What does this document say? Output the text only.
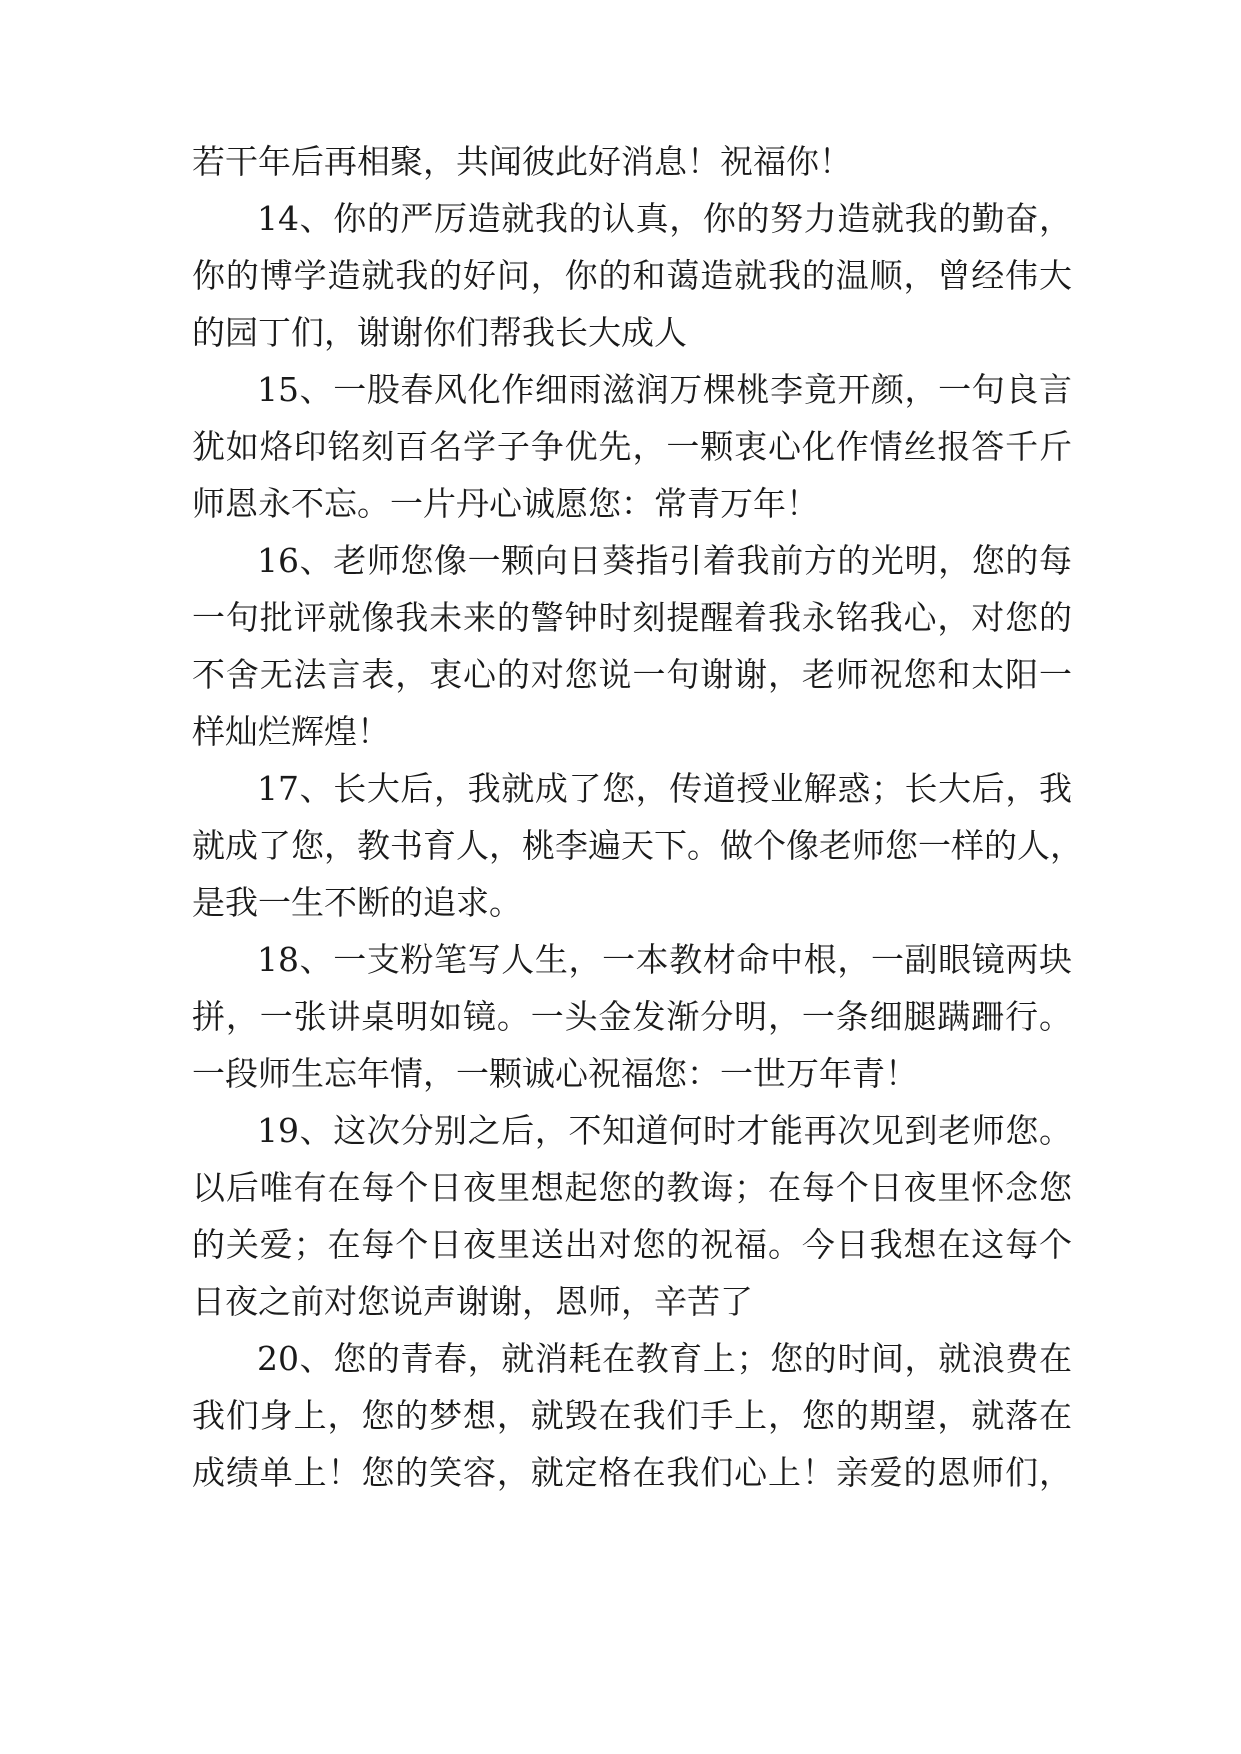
若干年后再相聚，共闻彼此好消息！祝福你！
14、你的严厉造就我的认真，你的努力造就我的勤奋，
你的博学造就我的好问，你的和蔼造就我的温顺，曾经伟大
的园丁们，谢谢你们帮我长大成人
15、一股春风化作细雨滋润万棵桃李竟开颜，一句良言
犹如烙印铭刻百名学子争优先，一颗衷心化作情丝报答千斤
师恩永不忘。一片丹心诚愿您：常青万年！
16、老师您像一颗向日葵指引着我前方的光明，您的每
一句批评就像我未来的警钟时刻提醒着我永铭我心，对您的
不舍无法言表，衷心的对您说一句谢谢，老师祝您和太阳一
样灿烂辉煌！
17、长大后，我就成了您，传道授业解惑；长大后，我
就成了您，教书育人，桃李遍天下。做个像老师您一样的人，
是我一生不断的追求。
18、一支粉笔写人生，一本教材命中根，一副眼镜两块
拼，一张讲桌明如镜。一头金发渐分明，一条细腿蹒跚行。
一段师生忘年情，一颗诚心祝福您：一世万年青！
19、这次分别之后，不知道何时才能再次见到老师您。
以后唯有在每个日夜里想起您的教诲；在每个日夜里怀念您
的关爱；在每个日夜里送出对您的祝福。今日我想在这每个
日夜之前对您说声谢谢，恩师，辛苦了
20、您的青春，就消耗在教育上；您的时间，就浪费在
我们身上，您的梦想，就毁在我们手上，您的期望，就落在
成绩单上！您的笑容，就定格在我们心上！亲爱的恩师们，
